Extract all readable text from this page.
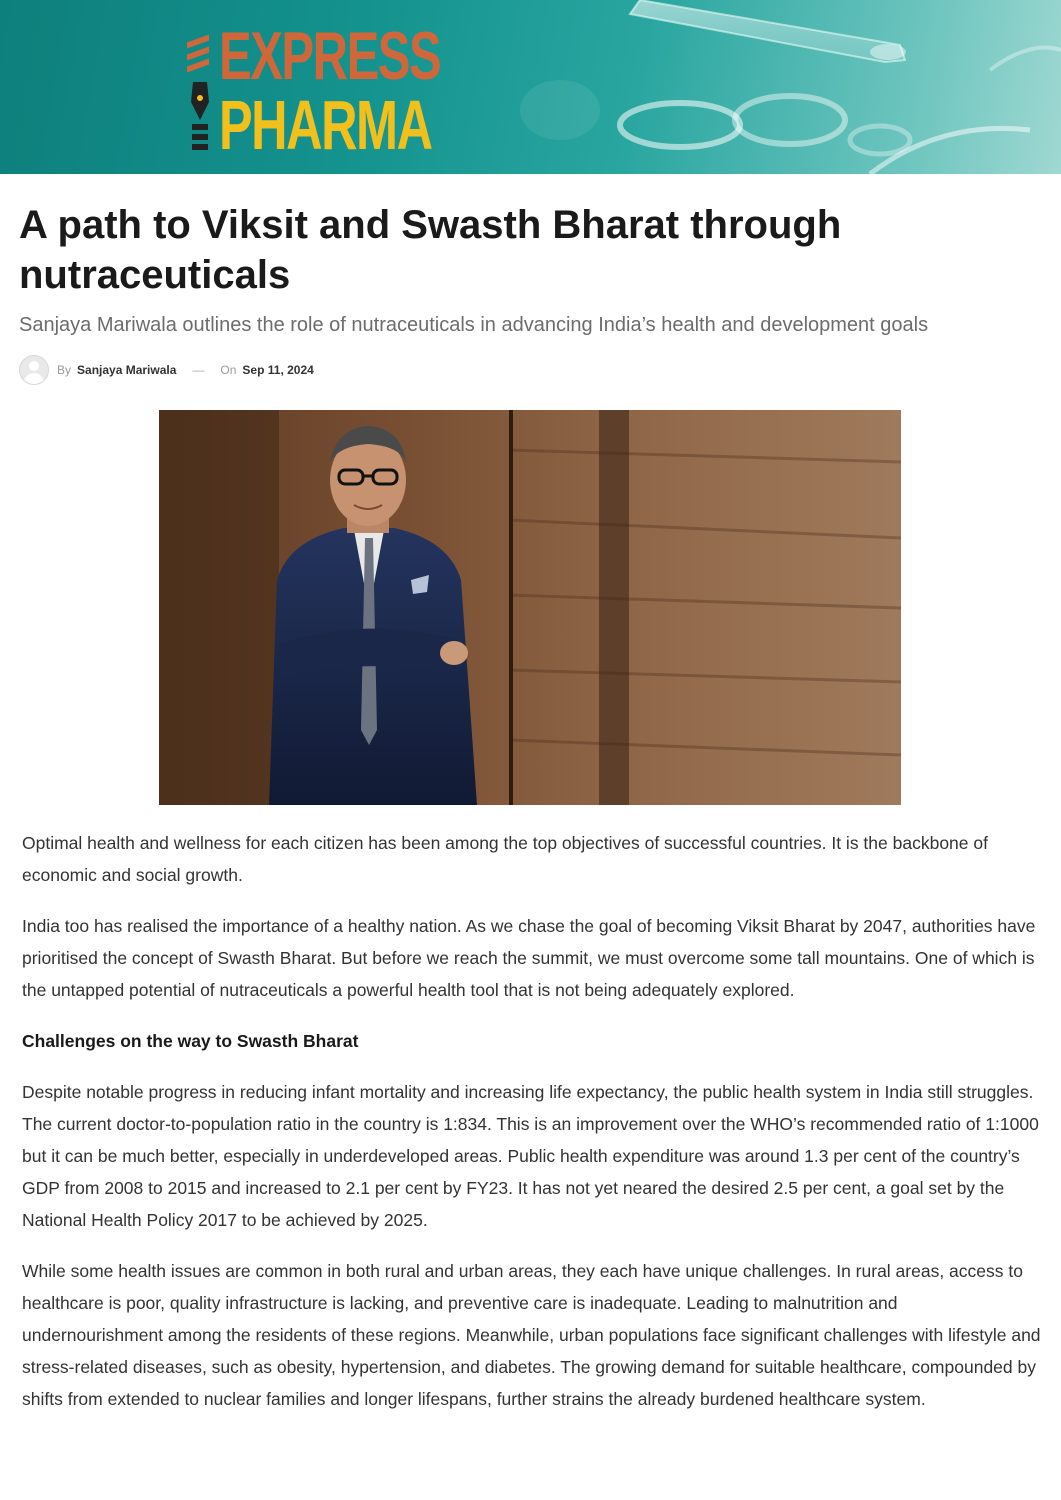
EXPRESS
PHARMA
A path to Viksit and Swasth Bharat through nutraceuticals

Sanjaya Mariwala outlines the role of nutraceuticals in advancing India’s health and development goals

By Sanjaya Mariwala — On Sep 11, 2024

Optimal health and wellness for each citizen has been among the top objectives of successful countries. It is the backbone of economic and social growth.

India too has realised the importance of a healthy nation. As we chase the goal of becoming Viksit Bharat by 2047, authorities have prioritised the concept of Swasth Bharat. But before we reach the summit, we must overcome some tall mountains. One of which is the untapped potential of nutraceuticals a powerful health tool that is not being adequately explored.

Challenges on the way to Swasth Bharat

Despite notable progress in reducing infant mortality and increasing life expectancy, the public health system in India still struggles. The current doctor-to-population ratio in the country is 1:834. This is an improvement over the WHO’s recommended ratio of 1:1000 but it can be much better, especially in underdeveloped areas. Public health expenditure was around 1.3 per cent of the country’s GDP from 2008 to 2015 and increased to 2.1 per cent by FY23. It has not yet neared the desired 2.5 per cent, a goal set by the National Health Policy 2017 to be achieved by 2025.

While some health issues are common in both rural and urban areas, they each have unique challenges. In rural areas, access to healthcare is poor, quality infrastructure is lacking, and preventive care is inadequate. Leading to malnutrition and undernourishment among the residents of these regions. Meanwhile, urban populations face significant challenges with lifestyle and stress-related diseases, such as obesity, hypertension, and diabetes. The growing demand for suitable healthcare, compounded by shifts from extended to nuclear families and longer lifespans, further strains the already burdened healthcare system.
